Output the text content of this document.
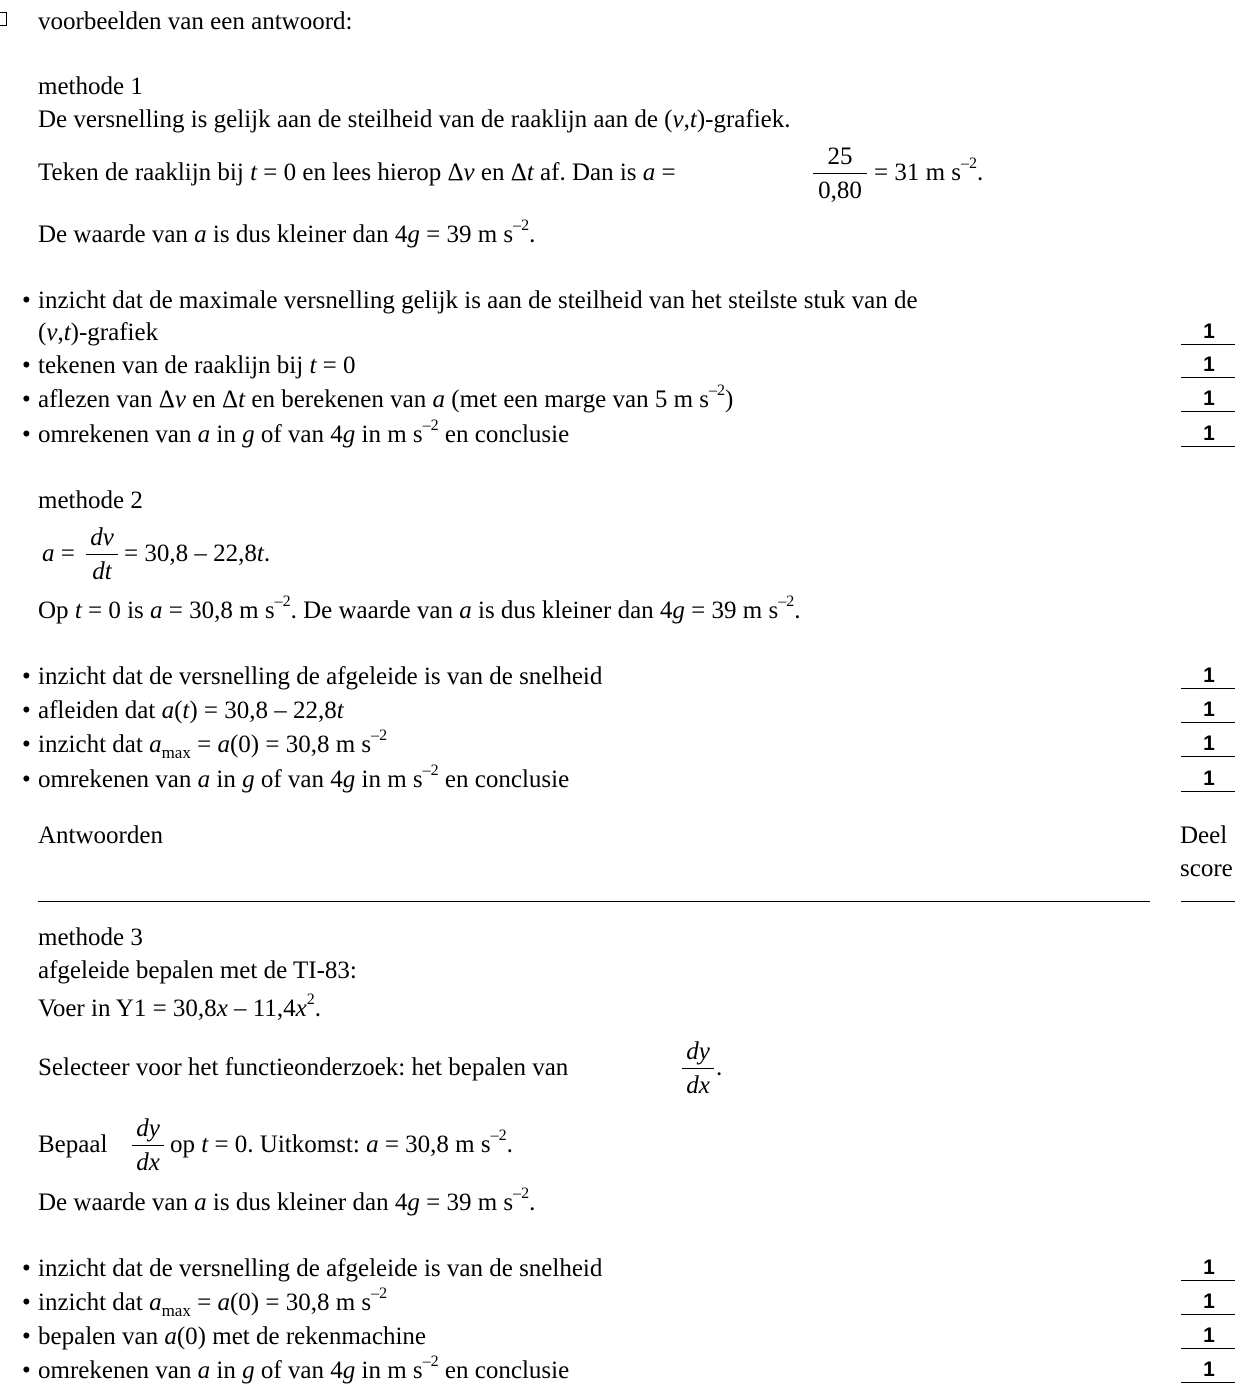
voorbeelden van een antwoord:
methode 1
De versnelling is gelijk aan de steilheid van de raaklijn aan de (v,t)-grafiek.
Teken de raaklijn bij t = 0 en lees hierop Δv en Δt af. Dan is a =
25
0,80
= 31 m $s^{-2}$.
De waarde van a is dus kleiner dan 4g = 39 m $s^{-2}$.
• inzicht dat de maximale versnelling gelijk is aan de steilheid van het steilste stuk van de
(v,t)-grafiek	1
• tekenen van de raaklijn bij t = 0	1
• aflezen van Δv en Δt en berekenen van a (met een marge van 5 m $s^{-2}$)	1
• omrekenen van a in g of van 4g in m $s^{-2}$ en conclusie	1
methode 2
a =
dv
dt
= 30,8 – 22,8t.
Op t = 0 is a = 30,8 m $s^{-2}$. De waarde van a is dus kleiner dan 4g = 39 m $s^{-2}$.
• inzicht dat de versnelling de afgeleide is van de snelheid	1
• afleiden dat a(t) = 30,8 – 22,8t	1
• inzicht dat $a_{max} = a(0) = 30,8$ m $s^{-2}$	1
• omrekenen van a in g of van 4g in m $s^{-2}$ en conclusie	1
Antwoorden	Deel
score
methode 3
afgeleide bepalen met de TI-83:
Voer in $Y1 = 30,8x - 11,4x^2$.
Selecteer voor het functieonderzoek: het bepalen van
dy
dx
.
Bepaal
dy
dx
op t = 0. Uitkomst: a = 30,8 m $s^{-2}$.
De waarde van a is dus kleiner dan 4g = 39 m $s^{-2}$.
• inzicht dat de versnelling de afgeleide is van de snelheid	1
• inzicht dat $a_{max} = a(0) = 30,8$ m $s^{-2}$	1
• bepalen van a(0) met de rekenmachine	1
• omrekenen van a in g of van 4g in m $s^{-2}$ en conclusie	1
